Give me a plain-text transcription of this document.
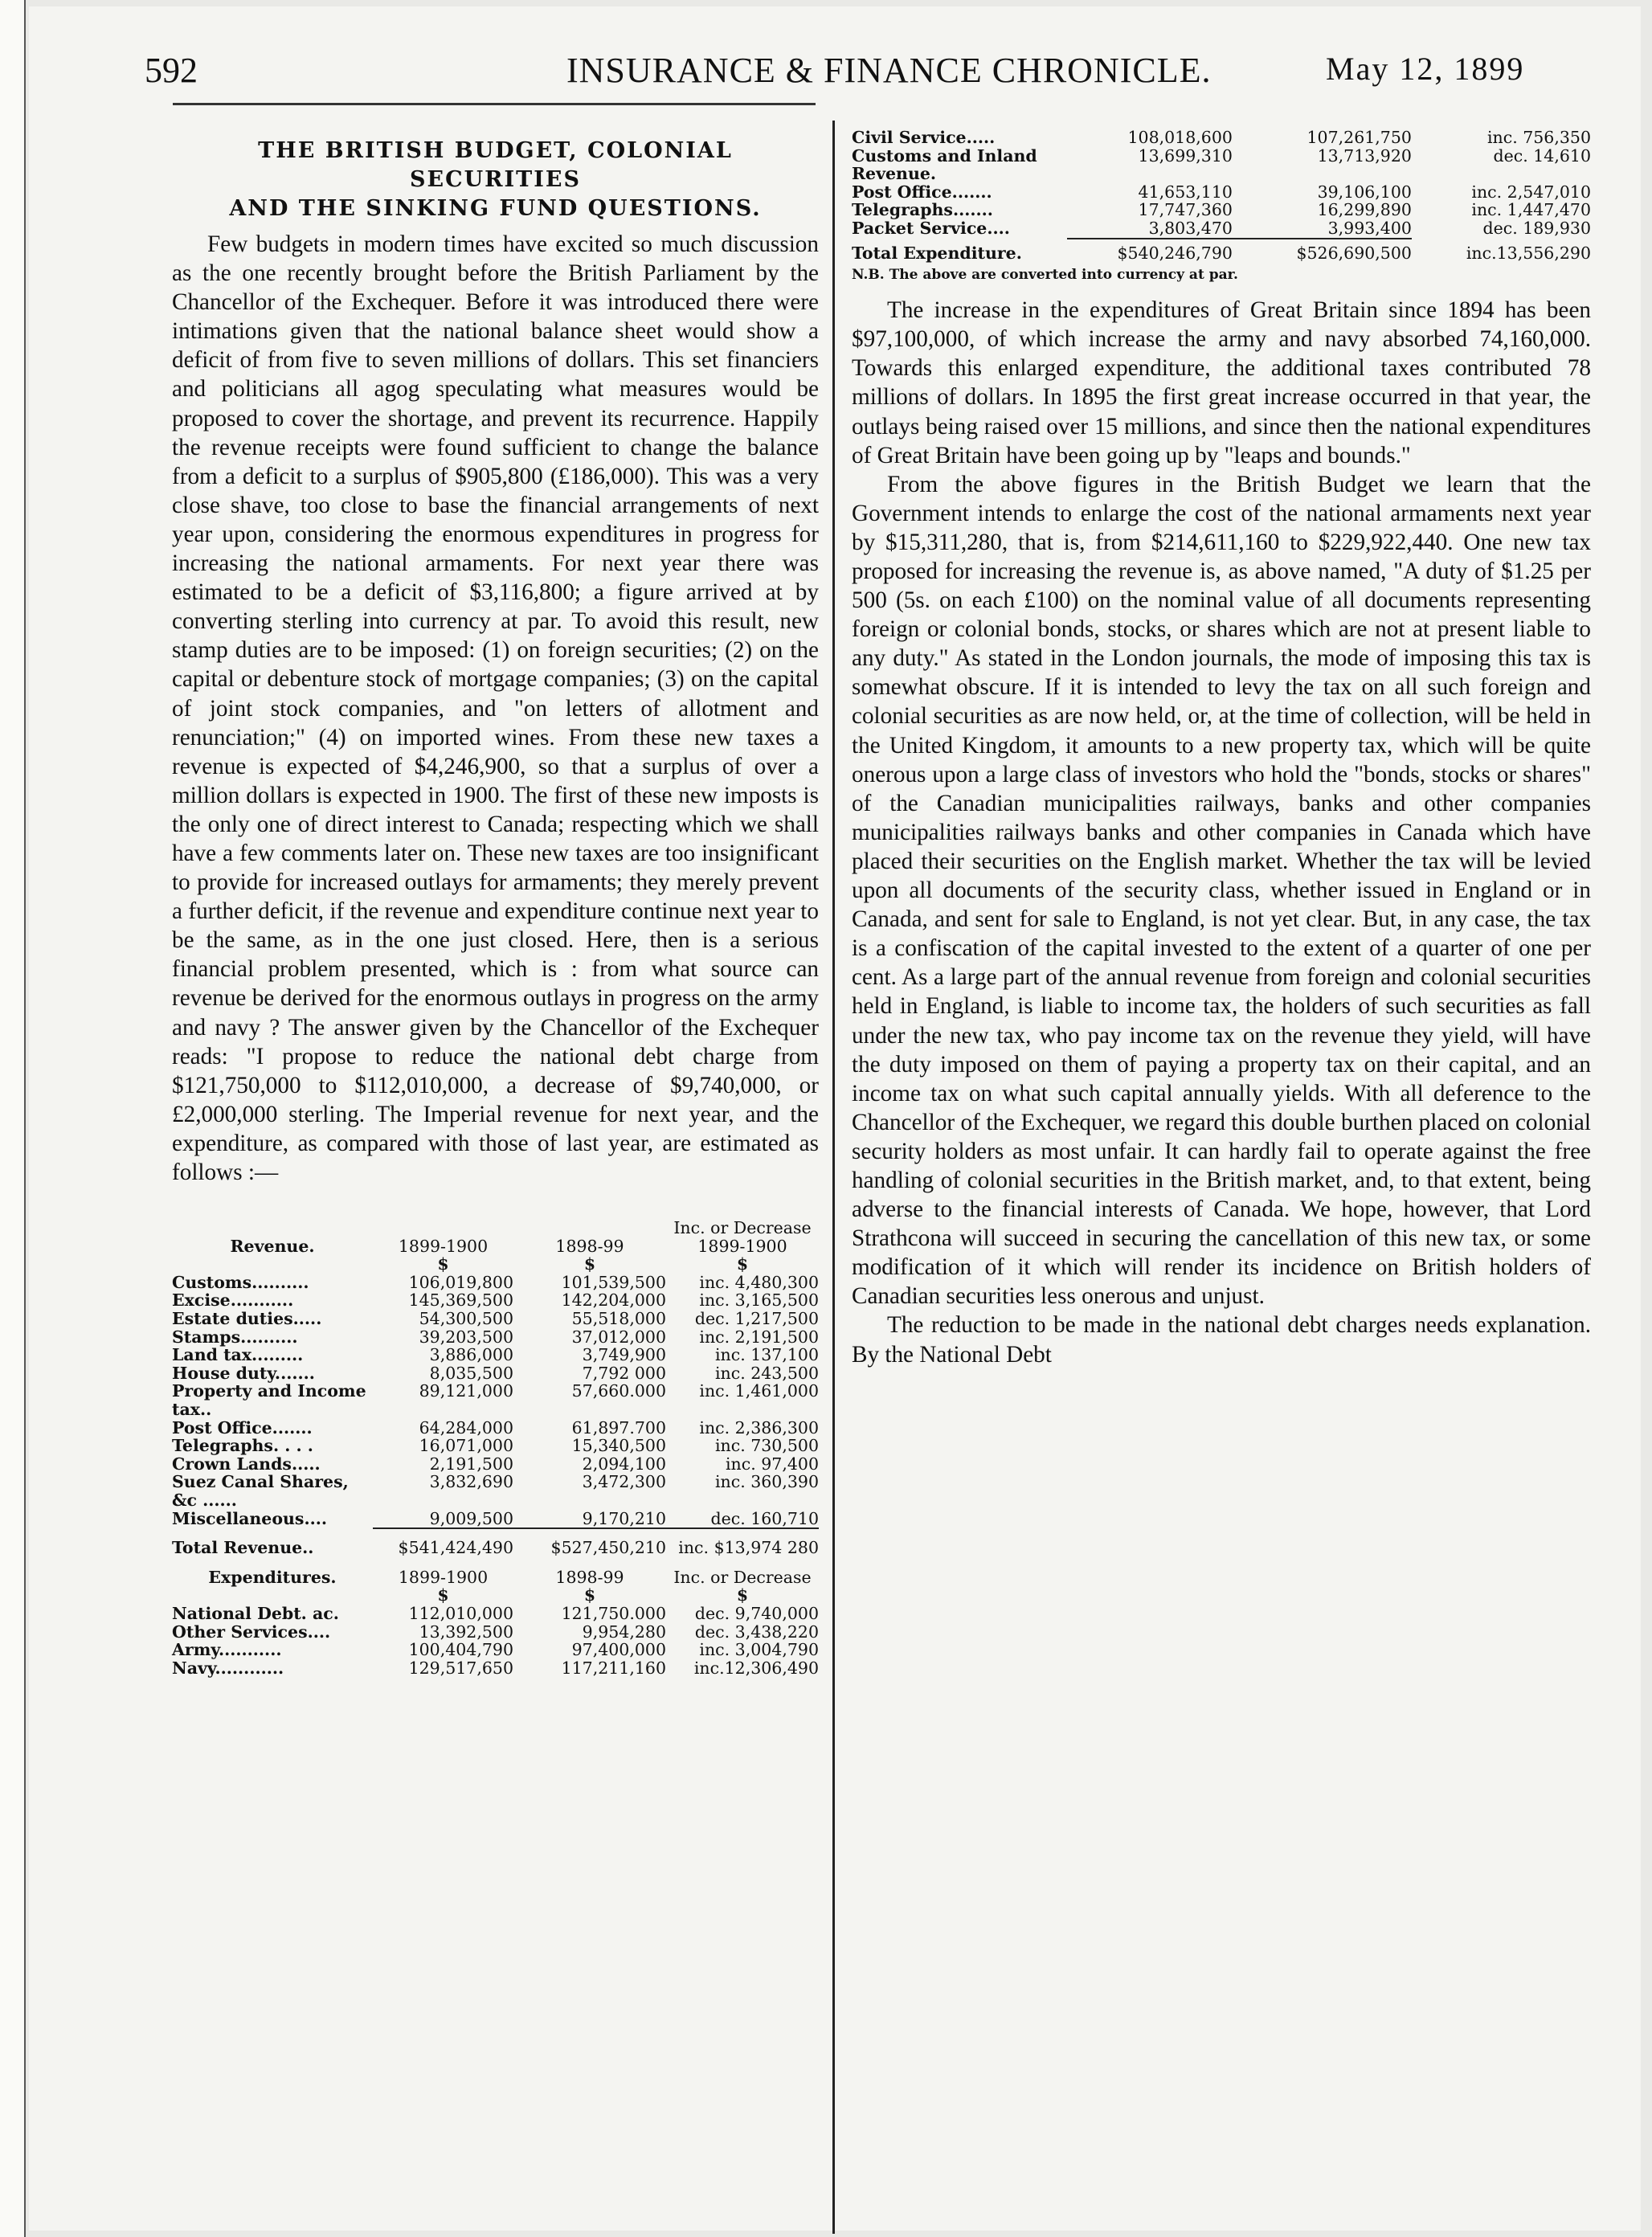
592	INSURANCE & FINANCE CHRONICLE.	May 12, 1899
THE BRITISH BUDGET, COLONIAL SECURITIES
AND THE SINKING FUND QUESTIONS.

Few budgets in modern times have excited so much discussion as the one recently brought before the British Parliament by the Chancellor of the Exchequer. Before it was introduced there were intimations given that the national balance sheet would show a deficit of from five to seven millions of dollars. This set financiers and politicians all agog speculating what measures would be proposed to cover the shortage, and prevent its recurrence. Happily the revenue receipts were found sufficient to change the balance from a deficit to a surplus of $905,800 (£186,000). This was a very close shave, too close to base the financial arrangements of next year upon, considering the enormous expenditures in progress for increasing the national armaments. For next year there was estimated to be a deficit of $3,116,800; a figure arrived at by converting sterling into currency at par. To avoid this result, new stamp duties are to be imposed: (1) on foreign securities; (2) on the capital or debenture stock of mortgage companies; (3) on the capital of joint stock companies, and "on letters of allotment and renunciation;" (4) on imported wines. From these new taxes a revenue is expected of $4,246,900, so that a surplus of over a million dollars is expected in 1900. The first of these new imposts is the only one of direct interest to Canada; respecting which we shall have a few comments later on. These new taxes are too insignificant to provide for increased outlays for armaments; they merely prevent a further deficit, if the revenue and expenditure continue next year to be the same, as in the one just closed. Here, then is a serious financial problem presented, which is : from what source can revenue be derived for the enormous outlays in progress on the army and navy ? The answer given by the Chancellor of the Exchequer reads: "I propose to reduce the national debt charge from $121,750,000 to $112,010,000, a decrease of $9,740,000, or £2,000,000 sterling. The Imperial revenue for next year, and the expenditure, as compared with those of last year, are estimated as follows :—

Revenue.	1899-1900	1898-99	Inc. or Decrease 1899-1900
	$	$	$
Customs..........	106,019,800	101,539,500	inc. 4,480,300
Excise...........	145,369,500	142,204,000	inc. 3,165,500
Estate duties.....	54,300,500	55,518,000	dec. 1,217,500
Stamps..........	39,203,500	37,012,000	inc. 2,191,500
Land tax.........	3,886,000	3,749,900	inc. 137,100
House duty.......	8,035,500	7,792 000	inc. 243,500
Property and Income tax..	89,121,000	57,660.000	inc. 1,461,000
Post Office.......	64,284,000	61,897.700	inc. 2,386,300
Telegraphs. . . .	16,071,000	15,340,500	inc. 730,500
Crown Lands.....	2,191,500	2,094,100	inc. 97,400
Suez Canal Shares, &c ......	3,832,690	3,472,300	inc. 360,390
Miscellaneous....	9,009,500	9,170,210	dec. 160,710

Total Revenue..	$541,424,490	$527,450,210	inc. $13,974 280

Expenditures.	1899-1900	1898-99	Inc. or Decrease
	$	$	$
National Debt. ac.	112,010,000	121,750.000	dec. 9,740,000
Other Services....	13,392,500	9,954,280	dec. 3,438,220
Army...........	100,404,790	97,400,000	inc. 3,004,790
Navy............	129,517,650	117,211,160	inc.12,306,490
Civil Service.....	108,018,600	107,261,750	inc. 756,350
Customs and Inland Revenue.	13,699,310	13,713,920	dec. 14,610
Post Office.......	41,653,110	39,106,100	inc. 2,547,010
Telegraphs.......	17,747,360	16,299,890	inc. 1,447,470
Packet Service....	3,803,470	3,993,400	dec. 189,930

Total Expenditure.	$540,246,790	$526,690,500	inc.13,556,290
N.B. The above are converted into currency at par.

The increase in the expenditures of Great Britain since 1894 has been $97,100,000, of which increase the army and navy absorbed 74,160,000. Towards this enlarged expenditure, the additional taxes contributed 78 millions of dollars. In 1895 the first great increase occurred in that year, the outlays being raised over 15 millions, and since then the national expenditures of Great Britain have been going up by "leaps and bounds."

From the above figures in the British Budget we learn that the Government intends to enlarge the cost of the national armaments next year by $15,311,280, that is, from $214,611,160 to $229,922,440. One new tax proposed for increasing the revenue is, as above named, "A duty of $1.25 per 500 (5s. on each £100) on the nominal value of all documents representing foreign or colonial bonds, stocks, or shares which are not at present liable to any duty." As stated in the London journals, the mode of imposing this tax is somewhat obscure. If it is intended to levy the tax on all such foreign and colonial securities as are now held, or, at the time of collection, will be held in the United Kingdom, it amounts to a new property tax, which will be quite onerous upon a large class of investors who hold the "bonds, stocks or shares" of the Canadian municipalities railways, banks and other companies municipalities railways banks and other companies in Canada which have placed their securities on the English market. Whether the tax will be levied upon all documents of the security class, whether issued in England or in Canada, and sent for sale to England, is not yet clear. But, in any case, the tax is a confiscation of the capital invested to the extent of a quarter of one per cent. As a large part of the annual revenue from foreign and colonial securities held in England, is liable to income tax, the holders of such securities as fall under the new tax, who pay income tax on the revenue they yield, will have the duty imposed on them of paying a property tax on their capital, and an income tax on what such capital annually yields. With all deference to the Chancellor of the Exchequer, we regard this double burthen placed on colonial security holders as most unfair. It can hardly fail to operate against the free handling of colonial securities in the British market, and, to that extent, being adverse to the financial interests of Canada. We hope, however, that Lord Strathcona will succeed in securing the cancellation of this new tax, or some modification of it which will render its incidence on British holders of Canadian securities less onerous and unjust.

The reduction to be made in the national debt charges needs explanation. By the National Debt
